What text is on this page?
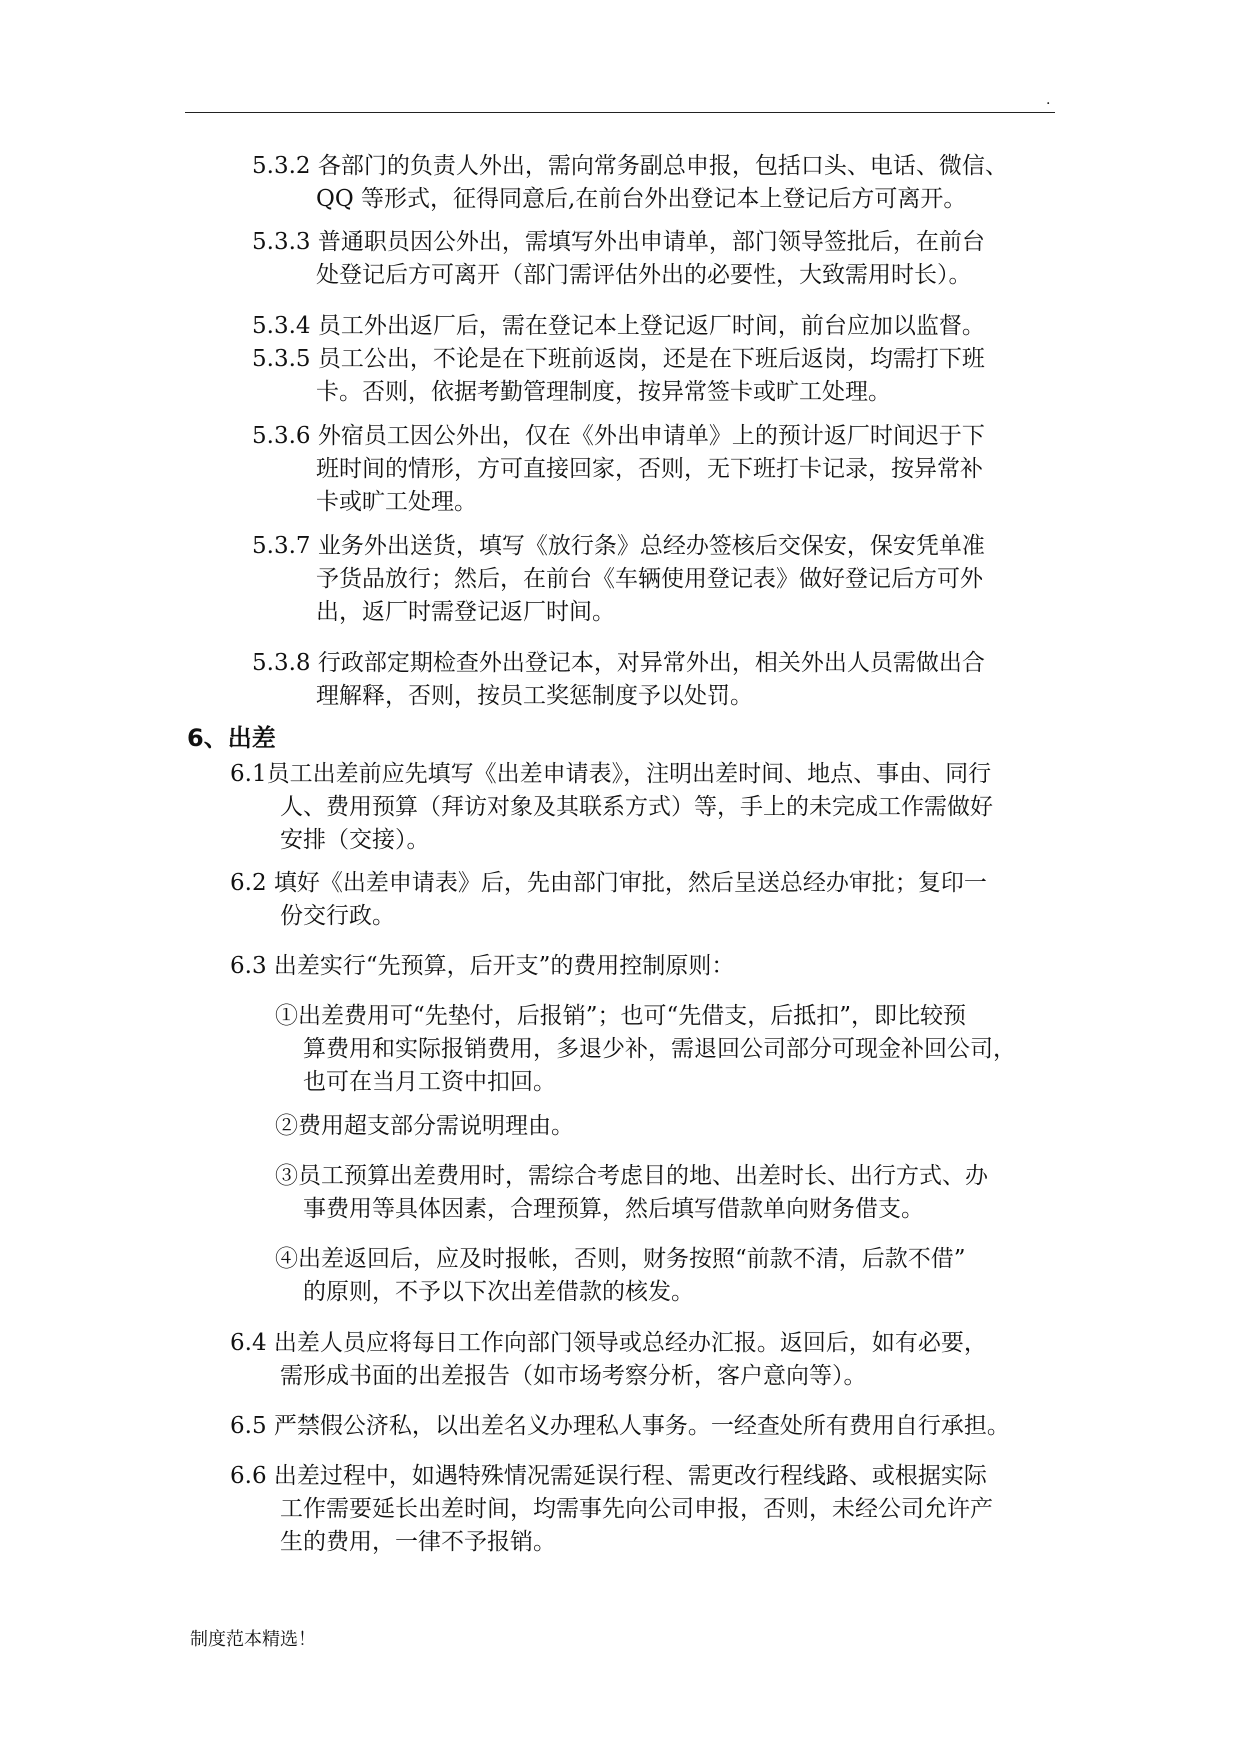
.
5.3.2 各部门的负责人外出，需向常务副总申报，包括口头、电话、微信、
QQ 等形式，征得同意后,在前台外出登记本上登记后方可离开。
5.3.3 普通职员因公外出，需填写外出申请单，部门领导签批后，在前台
处登记后方可离开（部门需评估外出的必要性，大致需用时长）。
5.3.4 员工外出返厂后，需在登记本上登记返厂时间，前台应加以监督。
5.3.5 员工公出，不论是在下班前返岗，还是在下班后返岗，均需打下班
卡。否则，依据考勤管理制度，按异常签卡或旷工处理。
5.3.6 外宿员工因公外出，仅在《外出申请单》上的预计返厂时间迟于下
班时间的情形，方可直接回家，否则，无下班打卡记录，按异常补
卡或旷工处理。
5.3.7 业务外出送货，填写《放行条》总经办签核后交保安，保安凭单准
予货品放行；然后，在前台《车辆使用登记表》做好登记后方可外
出，返厂时需登记返厂时间。
5.3.8 行政部定期检查外出登记本，对异常外出，相关外出人员需做出合
理解释，否则，按员工奖惩制度予以处罚。
6、出差
6.1员工出差前应先填写《出差申请表》，注明出差时间、地点、事由、同行
人、费用预算（拜访对象及其联系方式）等，手上的未完成工作需做好
安排（交接）。
6.2 填好《出差申请表》后，先由部门审批，然后呈送总经办审批；复印一
份交行政。
6.3 出差实行“先预算，后开支”的费用控制原则：
①出差费用可“先垫付，后报销”；也可“先借支，后抵扣”，即比较预
算费用和实际报销费用，多退少补，需退回公司部分可现金补回公司，
也可在当月工资中扣回。
②费用超支部分需说明理由。
③员工预算出差费用时，需综合考虑目的地、出差时长、出行方式、办
事费用等具体因素，合理预算，然后填写借款单向财务借支。
④出差返回后，应及时报帐，否则，财务按照“前款不清，后款不借”
的原则，不予以下次出差借款的核发。
6.4 出差人员应将每日工作向部门领导或总经办汇报。返回后，如有必要，
需形成书面的出差报告（如市场考察分析，客户意向等）。
6.5 严禁假公济私，以出差名义办理私人事务。一经查处所有费用自行承担。
6.6 出差过程中，如遇特殊情况需延误行程、需更改行程线路、或根据实际
工作需要延长出差时间，均需事先向公司申报，否则，未经公司允许产
生的费用，一律不予报销。
制度范本精选！
